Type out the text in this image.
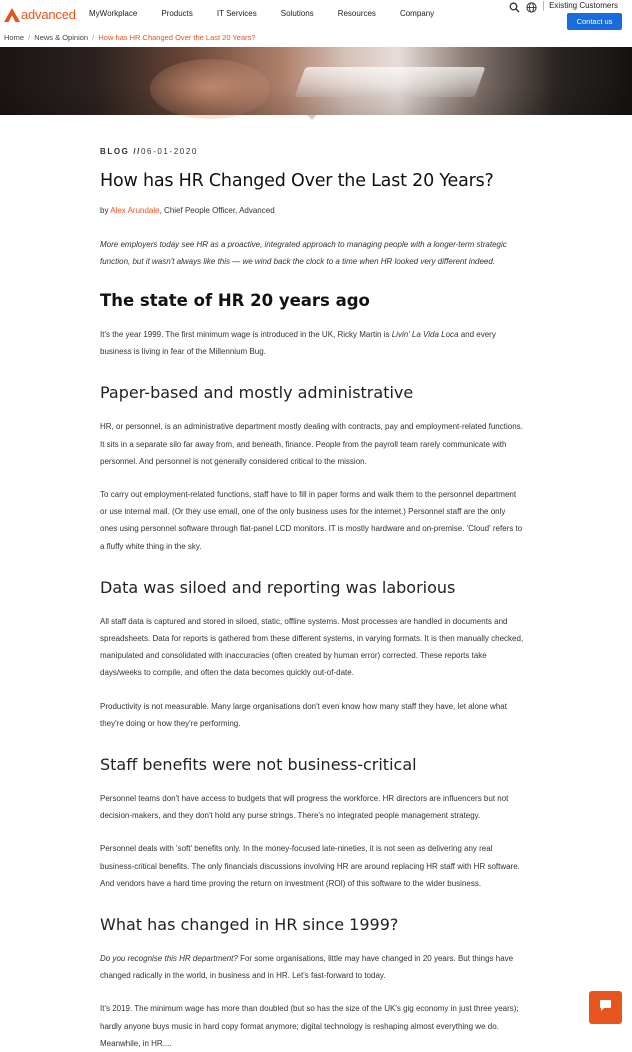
advanced MyWorkplace	Products	IT Services	Solutions	Resources	Company
Existing Customers
Contact us
Home / News & Opinion / How has HR Changed Over the Last 20 Years?
BLOG //06-01-2020
How has HR Changed Over the Last 20 Years?
by Alex Arundale, Chief People Officer, Advanced

More employers today see HR as a proactive, integrated approach to managing people with a longer-term strategic function, but it wasn't always like this — we wind back the clock to a time when HR looked very different indeed.

The state of HR 20 years ago

It's the year 1999. The first minimum wage is introduced in the UK, Ricky Martin is Livin' La Vida Loca and every business is living in fear of the Millennium Bug.

Paper-based and mostly administrative

HR, or personnel, is an administrative department mostly dealing with contracts, pay and employment-related functions. It sits in a separate silo far away from, and beneath, finance. People from the payroll team rarely communicate with personnel. And personnel is not generally considered critical to the mission.

To carry out employment-related functions, staff have to fill in paper forms and walk them to the personnel department or use internal mail. (Or they use email, one of the only business uses for the internet.) Personnel staff are the only ones using personnel software through flat-panel LCD monitors. IT is mostly hardware and on-premise. 'Cloud' refers to a fluffy white thing in the sky.

Data was siloed and reporting was laborious

All staff data is captured and stored in siloed, static, offline systems. Most processes are handled in documents and spreadsheets. Data for reports is gathered from these different systems, in varying formats. It is then manually checked, manipulated and consolidated with inaccuracies (often created by human error) corrected. These reports take days/weeks to compile, and often the data becomes quickly out-of-date.

Productivity is not measurable. Many large organisations don't even know how many staff they have, let alone what they're doing or how they're performing.

Staff benefits were not business-critical

Personnel teams don't have access to budgets that will progress the workforce. HR directors are influencers but not decision-makers, and they don't hold any purse strings. There's no integrated people management strategy.

Personnel deals with 'soft' benefits only. In the money-focused late-nineties, it is not seen as delivering any real business-critical benefits. The only financials discussions involving HR are around replacing HR staff with HR software. And vendors have a hard time proving the return on investment (ROI) of this software to the wider business.

What has changed in HR since 1999?

Do you recognise this HR department? For some organisations, little may have changed in 20 years. But things have changed radically in the world, in business and in HR. Let's fast-forward to today.

It's 2019. The minimum wage has more than doubled (but so has the size of the UK's gig economy in just three years); hardly anyone buys music in hard copy format anymore; digital technology is reshaping almost everything we do. Meanwhile, in HR....
